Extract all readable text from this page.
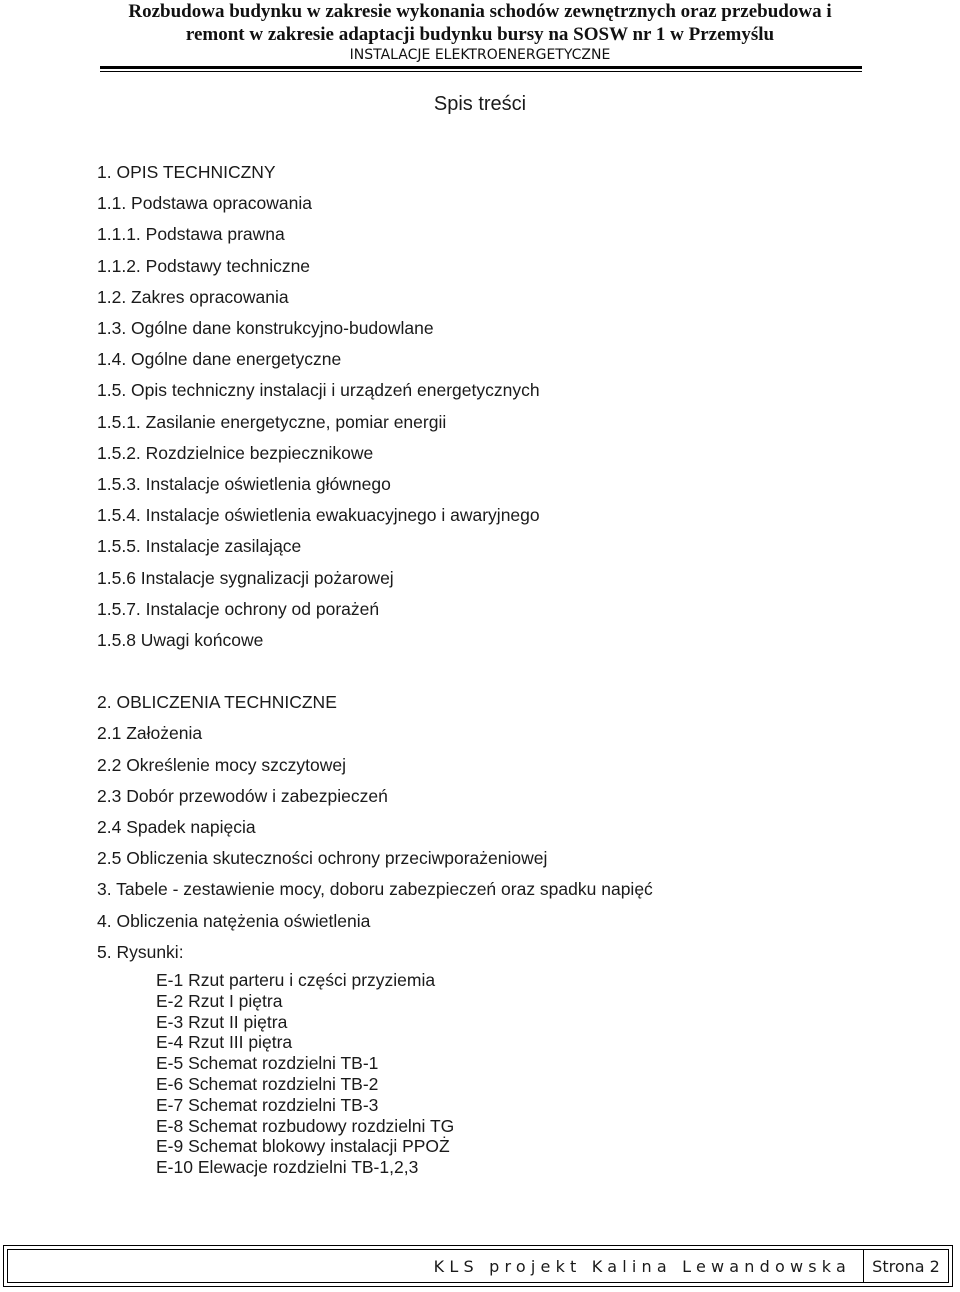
Rozbudowa budynku w zakresie wykonania schodów zewnętrznych oraz przebudowa i
remont w zakresie adaptacji budynku bursy na SOSW nr 1 w Przemyślu
INSTALACJE ELEKTROENERGETYCZNE
Spis treści
1. OPIS TECHNICZNY
1.1. Podstawa opracowania
1.1.1. Podstawa prawna
1.1.2. Podstawy techniczne
1.2. Zakres opracowania
1.3. Ogólne dane konstrukcyjno-budowlane
1.4. Ogólne dane energetyczne
1.5. Opis techniczny instalacji i urządzeń energetycznych
1.5.1. Zasilanie energetyczne, pomiar energii
1.5.2. Rozdzielnice bezpiecznikowe
1.5.3. Instalacje oświetlenia głównego
1.5.4. Instalacje oświetlenia ewakuacyjnego i awaryjnego
1.5.5. Instalacje zasilające
1.5.6 Instalacje sygnalizacji pożarowej
1.5.7. Instalacje ochrony od porażeń
1.5.8 Uwagi końcowe
2. OBLICZENIA TECHNICZNE
2.1 Założenia
2.2 Określenie mocy szczytowej
2.3 Dobór przewodów i zabezpieczeń
2.4 Spadek napięcia
2.5 Obliczenia skuteczności ochrony przeciwporażeniowej
3. Tabele - zestawienie mocy, doboru zabezpieczeń oraz spadku napięć
4. Obliczenia natężenia oświetlenia
5. Rysunki:
E-1 Rzut parteru i części przyziemia
E-2 Rzut I piętra
E-3 Rzut II piętra
E-4 Rzut III piętra
E-5 Schemat rozdzielni TB-1
E-6 Schemat rozdzielni TB-2
E-7 Schemat rozdzielni TB-3
E-8 Schemat rozbudowy rozdzielni TG
E-9 Schemat blokowy instalacji PPOŻ
E-10 Elewacje rozdzielni TB-1,2,3
KLS projekt Kalina Lewandowska	Strona 2
